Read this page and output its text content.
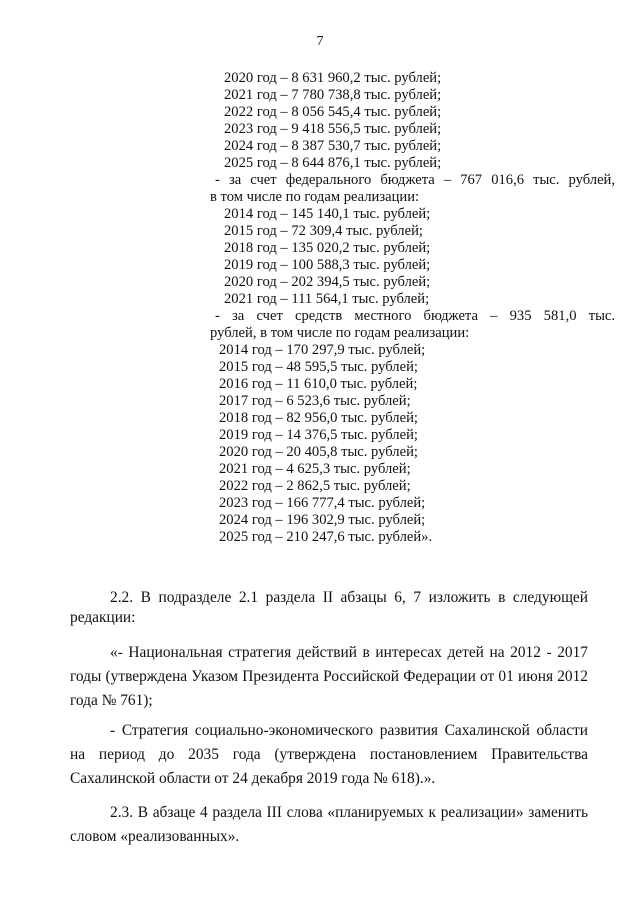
7
2020 год – 8 631 960,2 тыс. рублей;
2021 год – 7 780 738,8 тыс. рублей;
2022 год – 8 056 545,4 тыс. рублей;
2023 год – 9 418 556,5 тыс. рублей;
2024 год – 8 387 530,7 тыс. рублей;
2025 год – 8 644 876,1 тыс. рублей;
- за счет федерального бюджета – 767 016,6 тыс. рублей,
в том числе по годам реализации:
2014 год – 145 140,1 тыс. рублей;
2015 год – 72 309,4 тыс. рублей;
2018 год – 135 020,2 тыс. рублей;
2019 год – 100 588,3 тыс. рублей;
2020 год – 202 394,5 тыс. рублей;
2021 год – 111 564,1 тыс. рублей;
- за счет средств местного бюджета – 935 581,0 тыс.
рублей, в том числе по годам реализации:
2014 год – 170 297,9 тыс. рублей;
2015 год – 48 595,5 тыс. рублей;
2016 год – 11 610,0 тыс. рублей;
2017 год – 6 523,6 тыс. рублей;
2018 год – 82 956,0 тыс. рублей;
2019 год – 14 376,5 тыс. рублей;
2020 год – 20 405,8 тыс. рублей;
2021 год – 4 625,3 тыс. рублей;
2022 год – 2 862,5 тыс. рублей;
2023 год – 166 777,4 тыс. рублей;
2024 год – 196 302,9 тыс. рублей;
2025 год – 210 247,6 тыс. рублей».
2.2. В подразделе 2.1 раздела II абзацы 6, 7 изложить в следующей
редакции:
«- Национальная стратегия действий в интересах детей на 2012 - 2017
годы (утверждена Указом Президента Российской Федерации от 01 июня 2012
года № 761);
- Стратегия социально-экономического развития Сахалинской области
на период до 2035 года (утверждена постановлением Правительства
Сахалинской области от 24 декабря 2019 года № 618).».
2.3. В абзаце 4 раздела III слова «планируемых к реализации» заменить
словом «реализованных».
